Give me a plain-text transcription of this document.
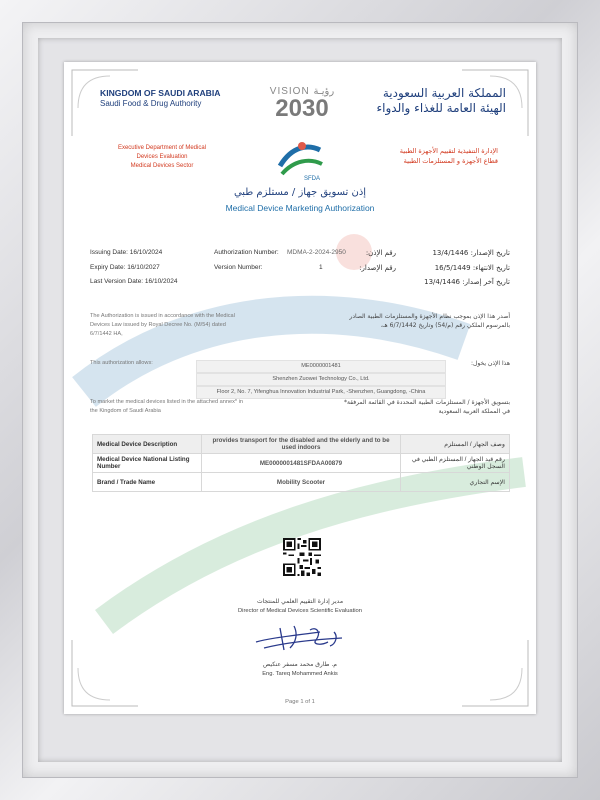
KINGDOM OF SAUDI ARABIA
Saudi Food & Drug Authority
VISION رؤيـة
2030
المملكة العربية السعودية
الهيئة العامة للغذاء والدواء
Executive Department of Medical
Devices Evaluation
Medical Devices Sector
SFDA
الإدارة التنفيذية لتقييم الأجهزة الطبية
قطاع الأجهزة و المستلزمات الطبية
إذن تسويق جهاز / مستلزم طبي
Medical Device Marketing Authorization
Issuing Date: 16/10/2024
Expiry Date: 16/10/2027
Last Version Date: 16/10/2024
Authorization Number: MDMA-2-2024-2950
Version Number:	1
رقم الإذن:
رقم الإصدار:
تاريخ الإصدار: 13/4/1446
تاريخ الانتهاء: 16/5/1449
تاريخ آخر إصدار: 13/4/1446
The Authorization is issued in accordance with the Medical
Devices Law issued by Royal Decree No. (M/54) dated
6/7/1442 HA,
أصدر هذا الإذن بموجب نظام الأجهزة والمستلزمات الطبية الصادر
بالمرسوم الملكي رقم (م/54) وتاريخ 6/7/1442 هـ،
This authorization allows:	هذا الإذن يخول:
ME0000001481
Shenzhen Zuowei Technology Co., Ltd.
Floor 2, No. 7, Yifenghua Innovation Industrial Park, -Shenzhen, Guangdong, -China
To market the medical devices listed in the attached annex* in
the Kingdom of Saudi Arabia
بتسويق الأجهزة / المستلزمات الطبية المحددة في القائمة المرفقة*
في المملكة العربية السعودية
Medical Device Description	provides transport for the disabled and the elderly and to be used indoors	وصف الجهاز / المستلزم
Medical Device National Listing Number	ME0000001481SFDAA00879	رقم قيد الجهاز / المستلزم الطبي في السجل الوطني
Brand / Trade Name	Mobility Scooter	الإسم التجاري
مدير إدارة التقييم العلمي للمنتجات
Director of Medical Devices Scientific Evaluation
م. طارق محمد مسفر عنكيص
Eng. Tareq Mohammed Ankis
Page 1 of 1
